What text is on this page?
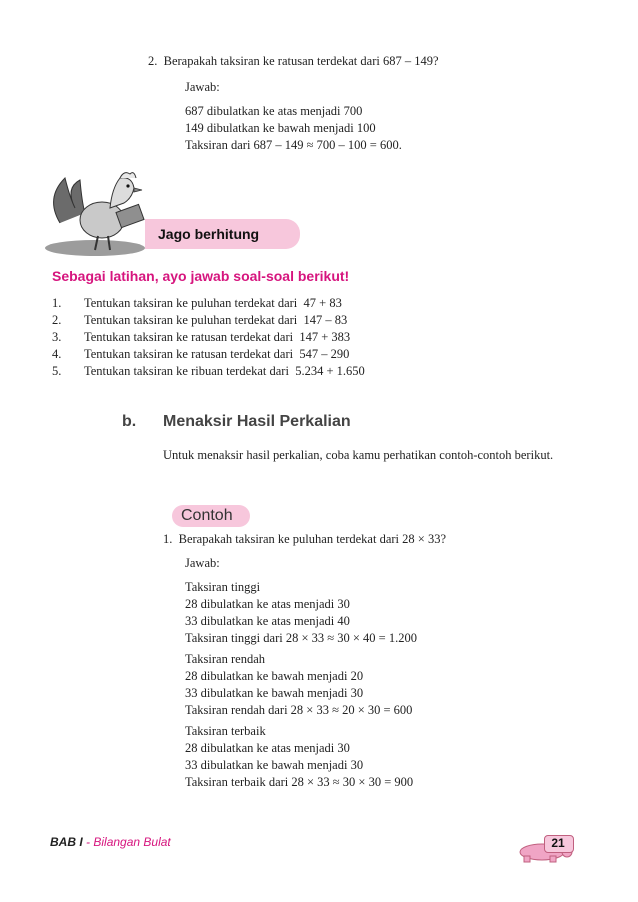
2.  Berapakah taksiran ke ratusan terdekat dari 687 – 149?
Jawab:
687 dibulatkan ke atas menjadi 700
149 dibulatkan ke bawah menjadi 100
Taksiran dari 687 – 149 ≈ 700 – 100 = 600.
Jago berhitung
Sebagai latihan, ayo jawab soal-soal berikut!
1. Tentukan taksiran ke puluhan terdekat dari  47 + 83
2. Tentukan taksiran ke puluhan terdekat dari  147 – 83
3. Tentukan taksiran ke ratusan terdekat dari  147 + 383
4. Tentukan taksiran ke ratusan terdekat dari  547 – 290
5. Tentukan taksiran ke ribuan terdekat dari  5.234 + 1.650
b. Menaksir Hasil Perkalian
Untuk menaksir hasil perkalian, coba kamu perhatikan contoh-contoh berikut.
Contoh
1.  Berapakah taksiran ke puluhan terdekat dari 28 × 33?
Jawab:
Taksiran tinggi
28 dibulatkan ke atas menjadi 30
33 dibulatkan ke atas menjadi 40
Taksiran tinggi dari 28 × 33 ≈ 30 × 40 = 1.200
Taksiran rendah
28 dibulatkan ke bawah menjadi 20
33 dibulatkan ke bawah menjadi 30
Taksiran rendah dari 28 × 33 ≈ 20 × 30 = 600
Taksiran terbaik
28 dibulatkan ke atas menjadi 30
33 dibulatkan ke bawah menjadi 30
Taksiran terbaik dari 28 × 33 ≈ 30 × 30 = 900
BAB I - Bilangan Bulat	21
